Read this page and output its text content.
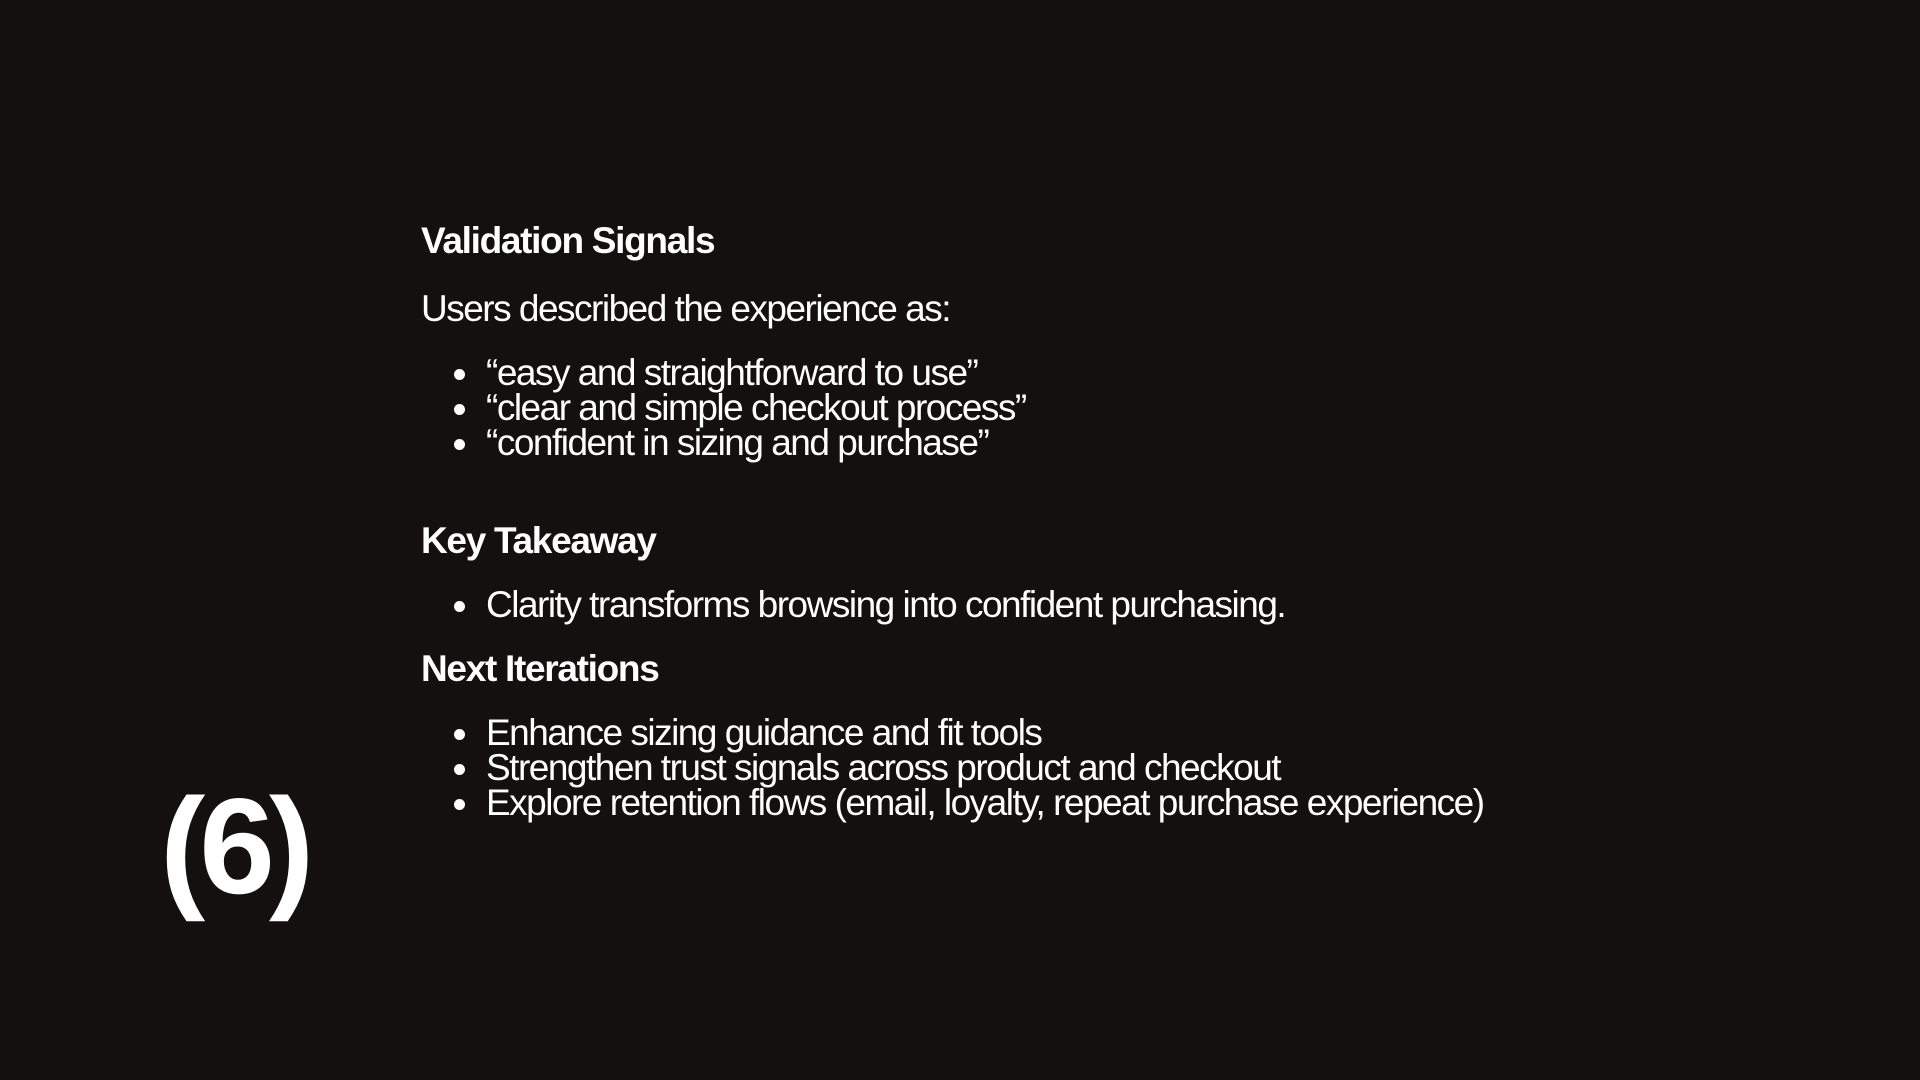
(6)
Validation Signals

Users described the experience as:

“easy and straightforward to use”
“clear and simple checkout process”
“confident in sizing and purchase”
Key Takeaway
Clarity transforms browsing into confident purchasing.
Next Iterations
Enhance sizing guidance and fit tools
Strengthen trust signals across product and checkout
Explore retention flows (email, loyalty, repeat purchase experience)
